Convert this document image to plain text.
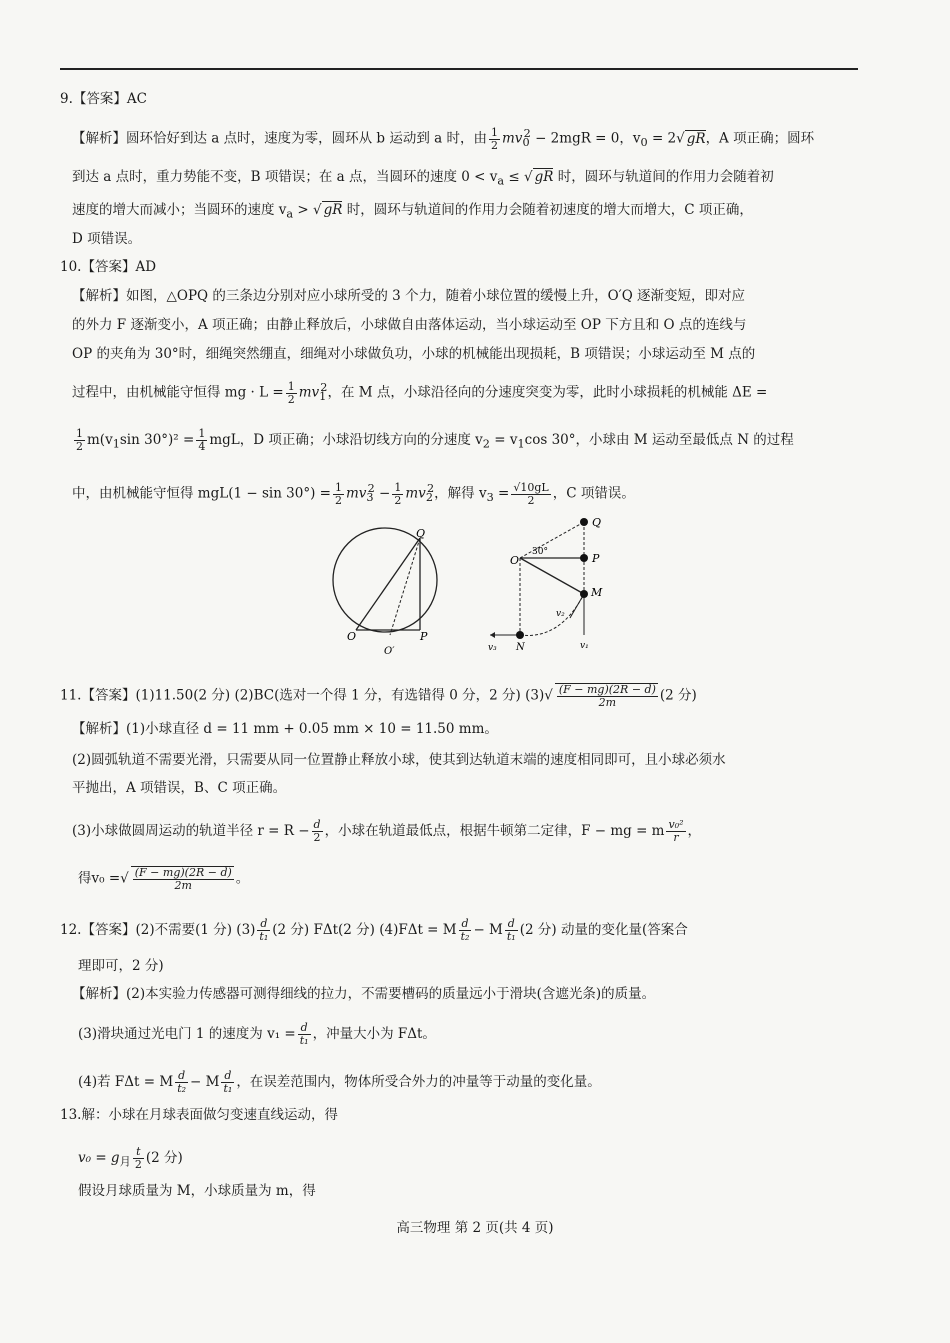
9.【答案】AC
【解析】圆环恰好到达 a 点时，速度为零，圆环从 b 运动到 a 时，由 $\frac{1}{2} mv_0^2 - 2mgR = 0$，$v_0 = 2√$ gR，A 项正确；圆环
到达 a 点时，重力势能不变，B 项错误；在 a 点，当圆环的速度 $0 < v_a$ ≤ √ gR 时，圆环与轨道间的作用力会随着初
速度的增大而减小；当圆环的速度 $v_a$ > √ gR 时，圆环与轨道间的作用力会随着初速度的增大而增大，C 项正确，
D 项错误。
10.【答案】AD
【解析】如图，△OPQ 的三条边分别对应小球所受的 3 个力，随着小球位置的缓慢上升，O′Q 逐渐变短，即对应
的外力 F 逐渐变小，A 项正确；由静止释放后，小球做自由落体运动，当小球运动至 OP 下方且和 O 点的连线与
OP 的夹角为 30°时，细绳突然绷直，细绳对小球做负功，小球的机械能出现损耗，B 项错误；小球运动至 M 点的
过程中，由机械能守恒得 mg · $L = \frac{1}{2} mv_1^2$，在 M 点，小球沿径向的分速度突变为零，此时小球损耗的机械能 ΔE =
$\frac{1}{2} m(v_1\sin$ $30^\circ)^2 = \frac{1}{4}$ mgL，D 项正确；小球沿切线方向的分速度 $v_2 = v_1\cos$ 30°，小球由 M 运动至最低点 N 的过程
中，由机械能守恒得 $mgL(1 - \sin 30^\circ) = \frac{1}{2} mv_3^2 - \frac{1}{2} mv_2^2$，解得 $v_3 = \frac{√10gL}{2}$ ，C 项错误。
Q
O	P
O′
Q
P
M
O
30°
N
v₃	v₁
v₂
11.【答案】(1)11.50(2 分) (2)BC(选对一个得 1 分，有选错得 0 分，2 分) $(3)√ \frac{(F - mg)(2R - d)}{2m} (2$ 分)
【解析】(1)小球直径 d = 11 mm + 0.05 mm × 10 = 11.50 mm。
(2)圆弧轨道不需要光滑，只需要从同一位置静止释放小球，使其到达轨道末端的速度相同即可，且小球必须水
平抛出，A 项错误，B、C 项正确。
(3)小球做圆周运动的轨道半径 $r = R - \frac{d}{2}$ ，小球在轨道最低点，根据牛顿第二定律，F − mg = m $\frac{\text{v₀²}}{r}$ ，
得v₀ =√ $\frac{(F - mg)(2R - d)}{2m}$ 。
12.【答案】(2)不需要(1 分) $(3) \frac{d}{\text{t₁}} (2$ 分) FΔt(2 分) (4)FΔt = M $\frac{d}{\text{t₂}} - M \frac{d}{\text{t₁}} (2$ 分) 动量的变化量(答案合
理即可，2 分)
【解析】(2)本实验力传感器可测得细线的拉力，不需要槽码的质量远小于滑块(含遮光条)的质量。
(3)滑块通过光电门 1 的速度为 $v_1 = \frac{d}{\text{t₁}}$ ，冲量大小为 FΔt。
(4)若 FΔt = M $\frac{d}{\text{t₂}} - M \frac{d}{\text{t₁}}$ ，在误差范围内，物体所受合外力的冲量等于动量的变化量。
13.解：小球在月球表面做匀变速直线运动，得
$v_0 = g_月 \frac{t}{2} (2$ 分)
假设月球质量为 M，小球质量为 m，得
高三物理 第 2 页(共 4 页)
